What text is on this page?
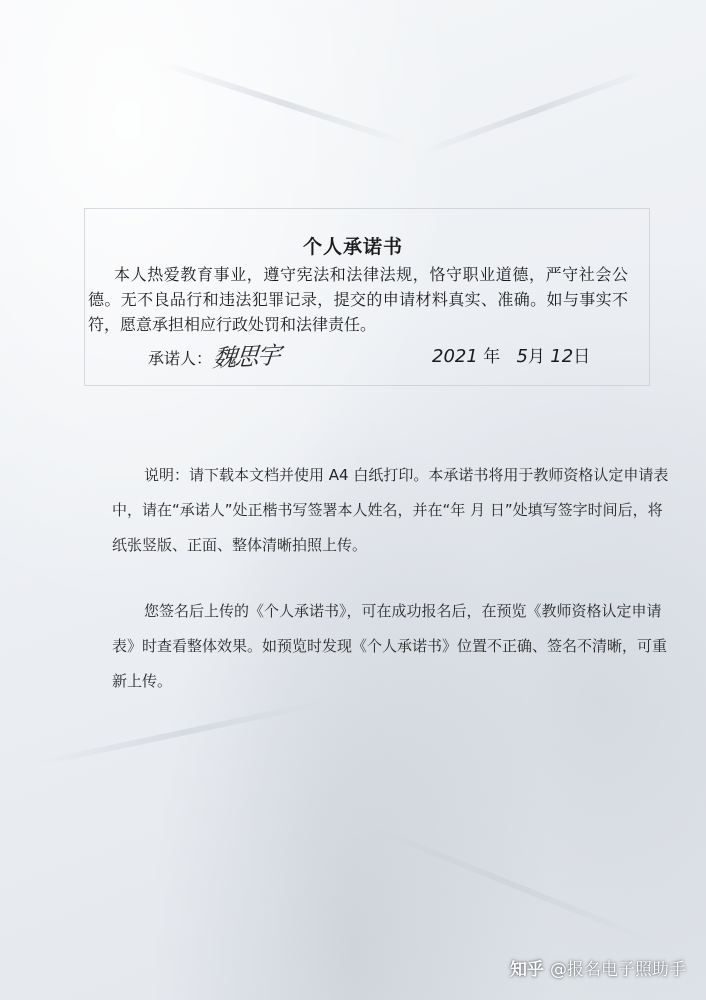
个人承诺书

本人热爱教育事业，遵守宪法和法律法规，恪守职业道德，严守社会公德。无不良品行和违法犯罪记录，提交的申请材料真实、准确。如与事实不符，愿意承担相应行政处罚和法律责任。

承诺人： 魏思宇	2021 年 5月 12日

说明：请下载本文档并使用 A4 白纸打印。本承诺书将用于教师资格认定申请表中，请在“承诺人”处正楷书写签署本人姓名，并在“年 月 日”处填写签字时间后，将纸张竖版、正面、整体清晰拍照上传。

您签名后上传的《个人承诺书》，可在成功报名后，在预览《教师资格认定申请表》时查看整体效果。如预览时发现《个人承诺书》位置不正确、签名不清晰，可重新上传。

知乎 @报名电子照助手
